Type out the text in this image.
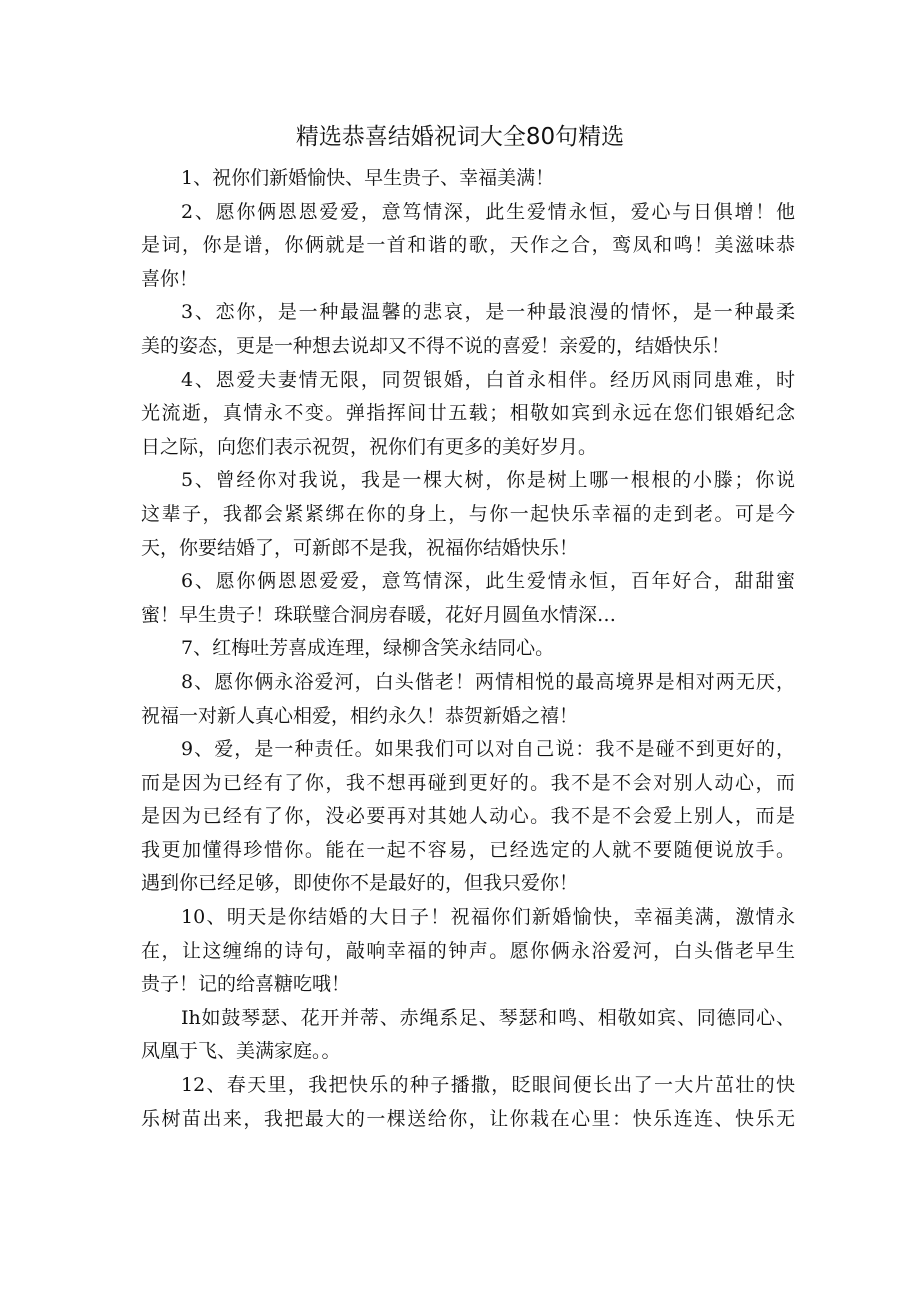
精选恭喜结婚祝词大全80句精选
1、祝你们新婚愉快、早生贵子、幸福美满！
2、愿你俩恩恩爱爱，意笃情深，此生爱情永恒，爱心与日俱增！他
是词，你是谱，你俩就是一首和谐的歌，天作之合，鸾凤和鸣！美滋味恭
喜你！
3、恋你，是一种最温馨的悲哀，是一种最浪漫的情怀，是一种最柔
美的姿态，更是一种想去说却又不得不说的喜爱！亲爱的，结婚快乐！
4、恩爱夫妻情无限，同贺银婚，白首永相伴。经历风雨同患难，时
光流逝，真情永不变。弹指挥间廿五载；相敬如宾到永远在您们银婚纪念
日之际，向您们表示祝贺，祝你们有更多的美好岁月。
5、曾经你对我说，我是一棵大树，你是树上哪一根根的小滕；你说
这辈子，我都会紧紧绑在你的身上，与你一起快乐幸福的走到老。可是今
天，你要结婚了，可新郎不是我，祝福你结婚快乐！
6、愿你俩恩恩爱爱，意笃情深，此生爱情永恒，百年好合，甜甜蜜
蜜！早生贵子！珠联璧合洞房春暖，花好月圆鱼水情深…
7、红梅吐芳喜成连理，绿柳含笑永结同心。
8、愿你俩永浴爱河，白头偕老！两情相悦的最高境界是相对两无厌，
祝福一对新人真心相爱，相约永久！恭贺新婚之禧！
9、爱，是一种责任。如果我们可以对自己说：我不是碰不到更好的，
而是因为已经有了你，我不想再碰到更好的。我不是不会对别人动心，而
是因为已经有了你，没必要再对其她人动心。我不是不会爱上别人，而是
我更加懂得珍惜你。能在一起不容易，已经选定的人就不要随便说放手。
遇到你已经足够，即使你不是最好的，但我只爱你！
10、明天是你结婚的大日子！祝福你们新婚愉快，幸福美满，激情永
在，让这缠绵的诗句，敲响幸福的钟声。愿你俩永浴爱河，白头偕老早生
贵子！记的给喜糖吃哦！
Ih如鼓琴瑟、花开并蒂、赤绳系足、琴瑟和鸣、相敬如宾、同德同心、
凤凰于飞、美满家庭。。
12、春天里，我把快乐的种子播撒，眨眼间便长出了一大片茁壮的快
乐树苗出来，我把最大的一棵送给你，让你栽在心里：快乐连连、快乐无
